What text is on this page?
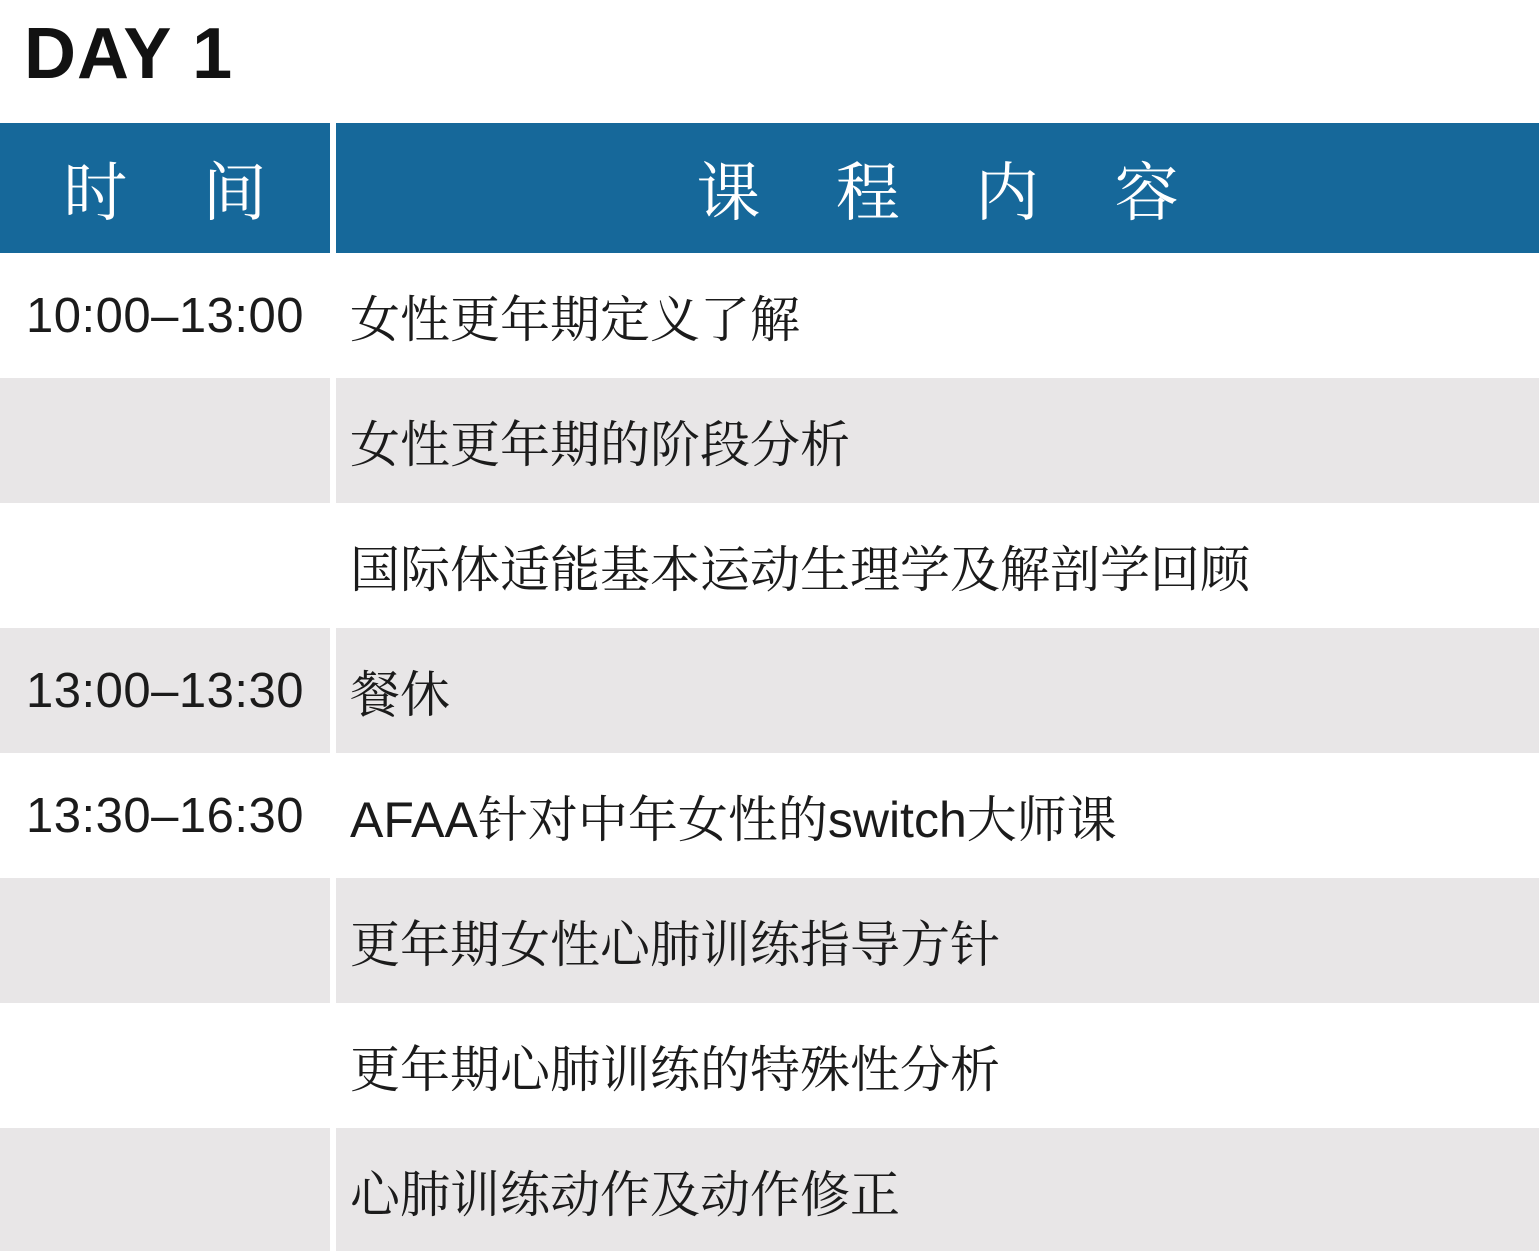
DAY 1
时 间	课 程 内 容
10:00–13:00 女性更年期定义了解
女性更年期的阶段分析
国际体适能基本运动生理学及解剖学回顾
13:00–13:30 餐休
13:30–16:30 AFAA针对中年女性的switch大师课
更年期女性心肺训练指导方针
更年期心肺训练的特殊性分析
心肺训练动作及动作修正
